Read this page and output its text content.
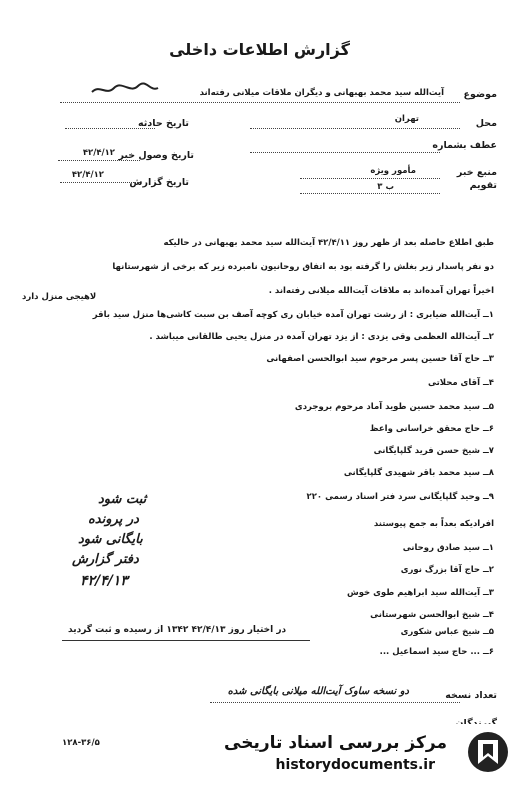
گزارش اطلاعات داخلی
موضوع
آیت‌الله سید محمد بهبهانی و دیگران ملاقات میلانی رفته‌اند
محل
تهران
عطف بشماره
منبع خبر
مأمور ویژه
تقویم
ب ۳
تاریخ حادثه
تاریخ وصول خبر
۴۲/۴/۱۲
تاریخ گزارش
۴۲/۴/۱۲
طبق اطلاع حاصله بعد از ظهر روز ۴۲/۴/۱۱ آیت‌الله سید محمد بهبهانی در حالیکه
دو نفر پاسدار زیر بغلش را گرفته بود به اتفاق روحانیون نامبرده زیر که برخی از شهرستانها
اخیراً تهران آمده‌اند به ملاقات آیت‌الله میلانی رفته‌اند .
لاهیجی منزل دارد
۱ــ آیت‌الله ضیابری : از رشت تهران آمده خیابان ری کوچه آصف بن سبت کاشی‌ها منزل سید باقر
۲ــ آیت‌الله العظمی وقی یزدی : از یزد تهران آمده در منزل یحیی طالقانی میباشد .
۳ــ حاج آقا حسین پسر مرحوم سید ابوالحسن اصفهانی
۴ــ آقای محلاتی
۵ــ سید محمد حسین طوید آماد مرحوم بروجردی
۶ــ حاج محقق خراسانی واعظ
۷ــ شیخ حسن فرید گلپایگانی
۸ــ سید محمد باقر شهیدی گلپایگانی
۹ــ وحید گلپایگانی سرد فتر اسناد رسمی ۲۲۰
افرادیکه بعداً به جمع پیوستند
۱ــ سید صادق روحانی
۲ــ حاج آقا بزرگ نوری
۳ــ آیت‌الله سید ابراهیم طوی خوش
۴ــ شیخ ابوالحسن شهرستانی
۵ــ شیخ عباس شکوری
۶ــ ... حاج سید اسماعیل ...
در اختیار روز ۴۲/۴/۱۳ ۱۳۴۲ از رسیده و ثبت گردید
ثبت شود
در پرونده
بایگانی شود
دفتر گزارش
۴۲/۴/۱۳
تعداد نسخه
دو نسخه ساوک آیت‌الله میلانی بایگانی شده
۱۲۸-۳۶/۵	مرکز بررسی اسناد تاریخی
historydocuments.ir
